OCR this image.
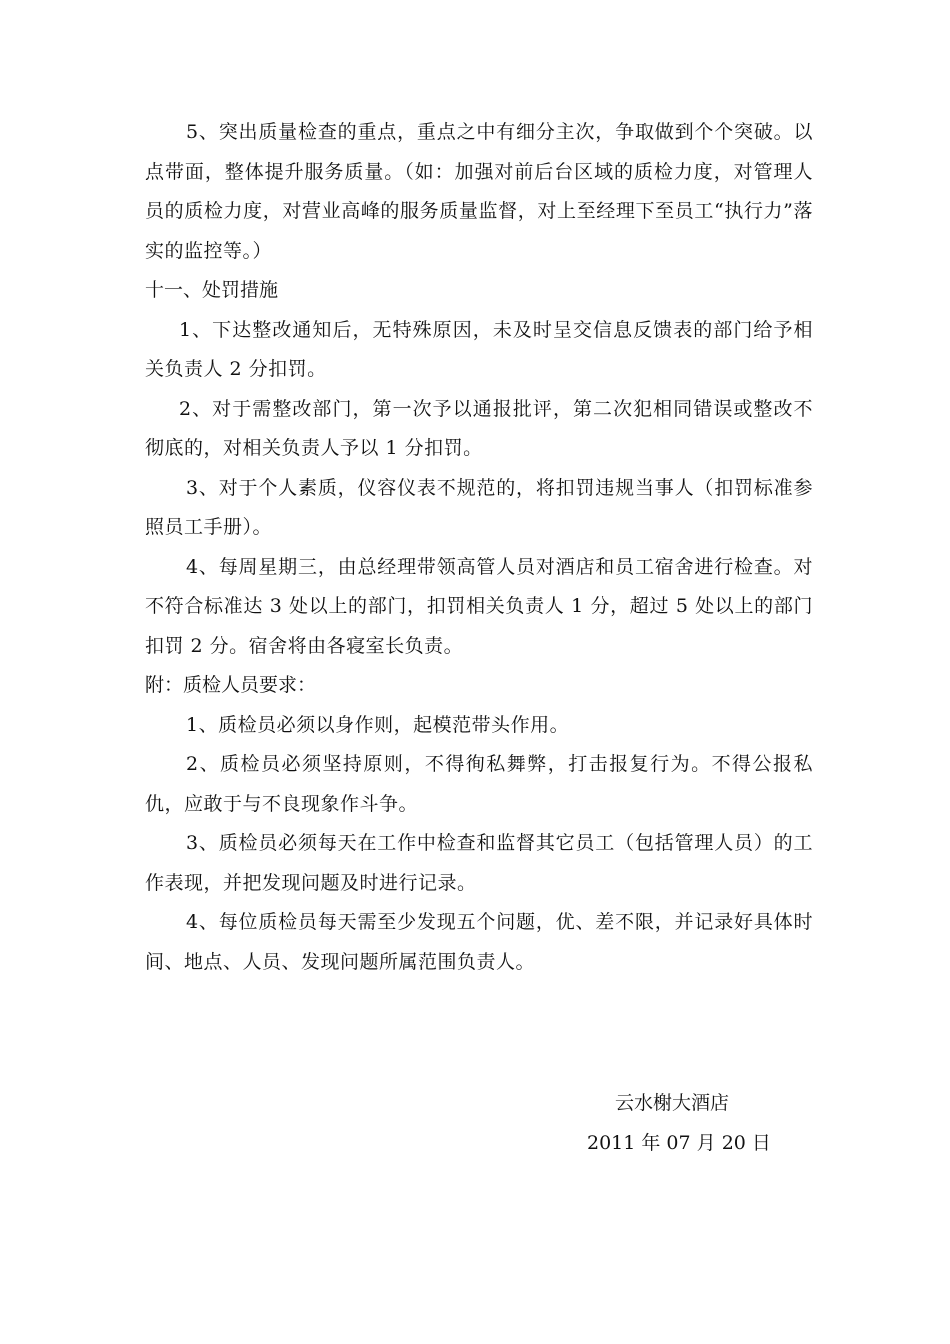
5、突出质量检查的重点，重点之中有细分主次，争取做到个个突破。以点带面，整体提升服务质量。（如：加强对前后台区域的质检力度，对管理人员的质检力度，对营业高峰的服务质量监督，对上至经理下至员工“执行力”落实的监控等。）

十一、处罚措施

1、下达整改通知后，无特殊原因，未及时呈交信息反馈表的部门给予相关负责人 2 分扣罚。

2、对于需整改部门，第一次予以通报批评，第二次犯相同错误或整改不彻底的，对相关负责人予以 1 分扣罚。

3、对于个人素质，仪容仪表不规范的，将扣罚违规当事人（扣罚标准参照员工手册）。

4、每周星期三，由总经理带领高管人员对酒店和员工宿舍进行检查。对不符合标准达 3 处以上的部门，扣罚相关负责人 1 分，超过 5 处以上的部门扣罚 2 分。宿舍将由各寝室长负责。

附：质检人员要求：

1、质检员必须以身作则，起模范带头作用。

2、质检员必须坚持原则，不得徇私舞弊，打击报复行为。不得公报私仇，应敢于与不良现象作斗争。

3、质检员必须每天在工作中检查和监督其它员工（包括管理人员）的工作表现，并把发现问题及时进行记录。

4、每位质检员每天需至少发现五个问题，优、差不限，并记录好具体时间、地点、人员、发现问题所属范围负责人。

云水榭大酒店
2011 年 07 月 20 日
